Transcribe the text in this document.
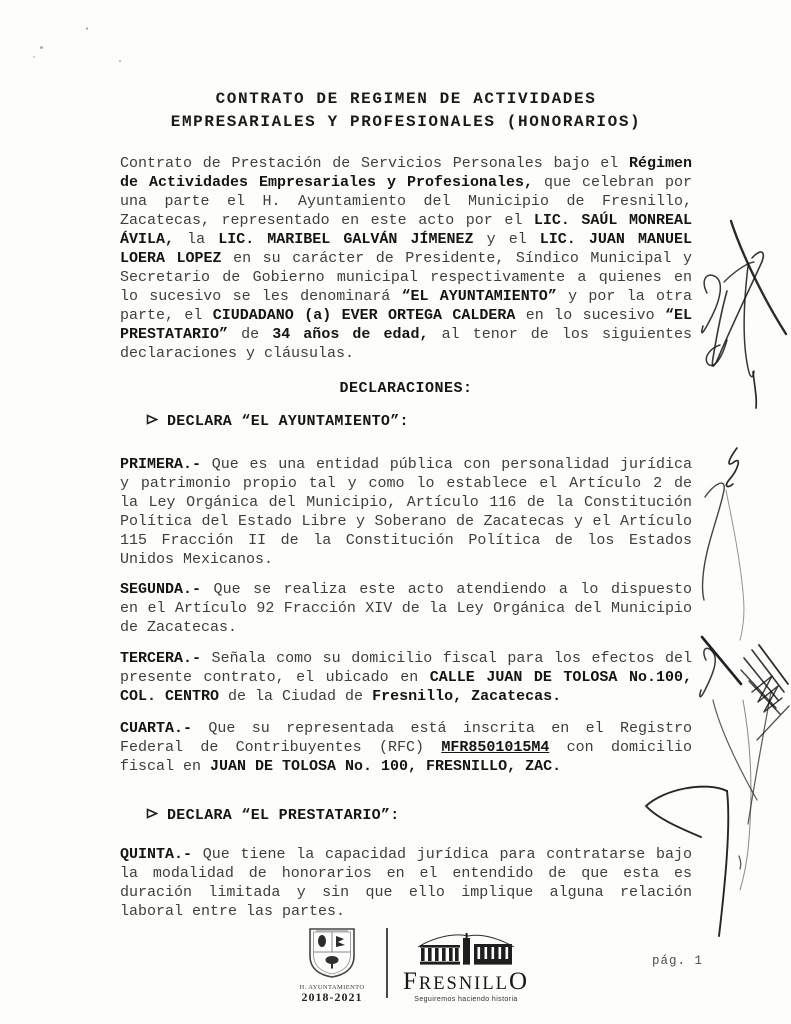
CONTRATO DE REGIMEN DE ACTIVIDADES
EMPRESARIALES Y PROFESIONALES (HONORARIOS)
Contrato de Prestación de Servicios Personales bajo el Régimen
de Actividades Empresariales y Profesionales, que celebran por
una parte el H. Ayuntamiento del Municipio de Fresnillo,
Zacatecas, representado en este acto por el LIC. SAÚL MONREAL
ÁVILA, la LIC. MARIBEL GALVÁN JÍMENEZ y el LIC. JUAN MANUEL
LOERA LOPEZ en su carácter de Presidente, Síndico Municipal y
Secretario de Gobierno municipal respectivamente a quienes en
lo sucesivo se les denominará “EL AYUNTAMIENTO” y por la otra
parte, el CIUDADANO (a) EVER ORTEGA CALDERA en lo sucesivo “EL
PRESTATARIO” de 34 años de edad, al tenor de los siguientes
declaraciones y cláusulas.
DECLARACIONES:
DECLARA “EL AYUNTAMIENTO”:
PRIMERA.- Que es una entidad pública con personalidad jurídica
y patrimonio propio tal y como lo establece el Artículo 2 de
la Ley Orgánica del Municipio, Artículo 116 de la Constitución
Política del Estado Libre y Soberano de Zacatecas y el Artículo
115 Fracción II de la Constitución Política de los Estados
Unidos Mexicanos.
SEGUNDA.- Que se realiza este acto atendiendo a lo dispuesto
en el Artículo 92 Fracción XIV de la Ley Orgánica del Municipio
de Zacatecas.
TERCERA.- Señala como su domicilio fiscal para los efectos del
presente contrato, el ubicado en CALLE JUAN DE TOLOSA No.100,
COL. CENTRO de la Ciudad de Fresnillo, Zacatecas.
CUARTA.- Que su representada está inscrita en el Registro
Federal de Contribuyentes (RFC) MFR8501015M4 con domicilio
fiscal en JUAN DE TOLOSA No. 100, FRESNILLO, ZAC.
DECLARA “EL PRESTATARIO”:
QUINTA.- Que tiene la capacidad jurídica para contratarse bajo
la modalidad de honorarios en el entendido de que esta es
duración limitada y sin que ello implique alguna relación
laboral entre las partes.
H. AYUNTAMIENTO
2018-2021
FRESNILLO
Seguiremos haciendo historia
pág. 1
